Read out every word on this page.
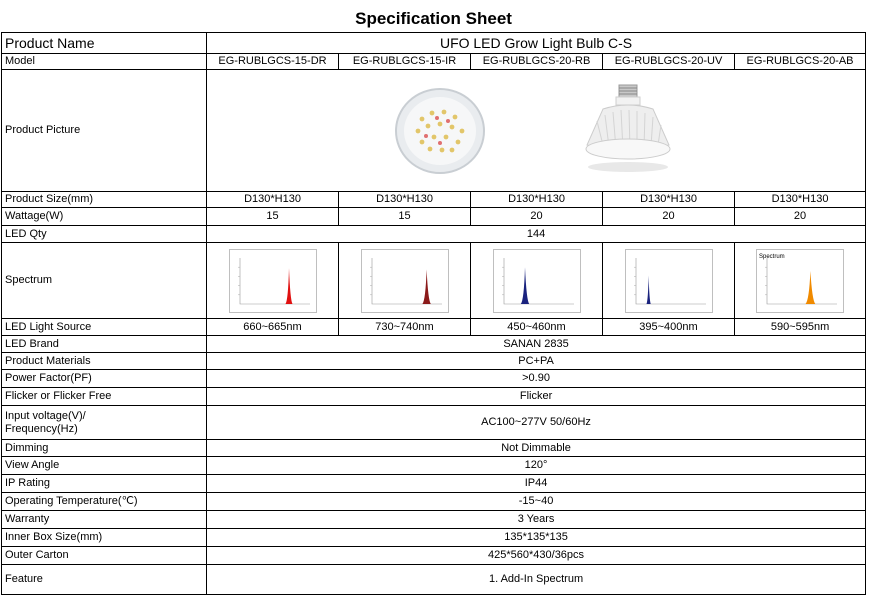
Specification Sheet					
Product Name	UFO LED Grow Light Bulb C-S				
Model	EG-RUBLGCS-15-DR	EG-RUBLGCS-15-IR	EG-RUBLGCS-20-RB	EG-RUBLGCS-20-UV	EG-RUBLGCS-20-AB
Product Picture	
Product Size(mm)	D130*H130	D130*H130	D130*H130	D130*H130	D130*H130
Wattage(W)	15	15	20	20	20
LED Qty	144				
Spectrum					Spectrum

LED Light Source	660~665nm	730~740nm	450~460nm	395~400nm	590~595nm
LED Brand	SANAN 2835				
Product Materials	PC+PA				
Power Factor(PF)	>0.90				
Flicker or Flicker Free	Flicker				
Input voltage(V)/
Frequency(Hz)	AC100~277V 50/60Hz				
Dimming	Not Dimmable				
View Angle	120°				
IP Rating	IP44				
Operating Temperature(℃)	-15~40				
Warranty	3 Years				
Inner Box Size(mm)	135*135*135				
Outer Carton	425*560*430/36pcs				
Feature	1. Add-In Spectrum				
